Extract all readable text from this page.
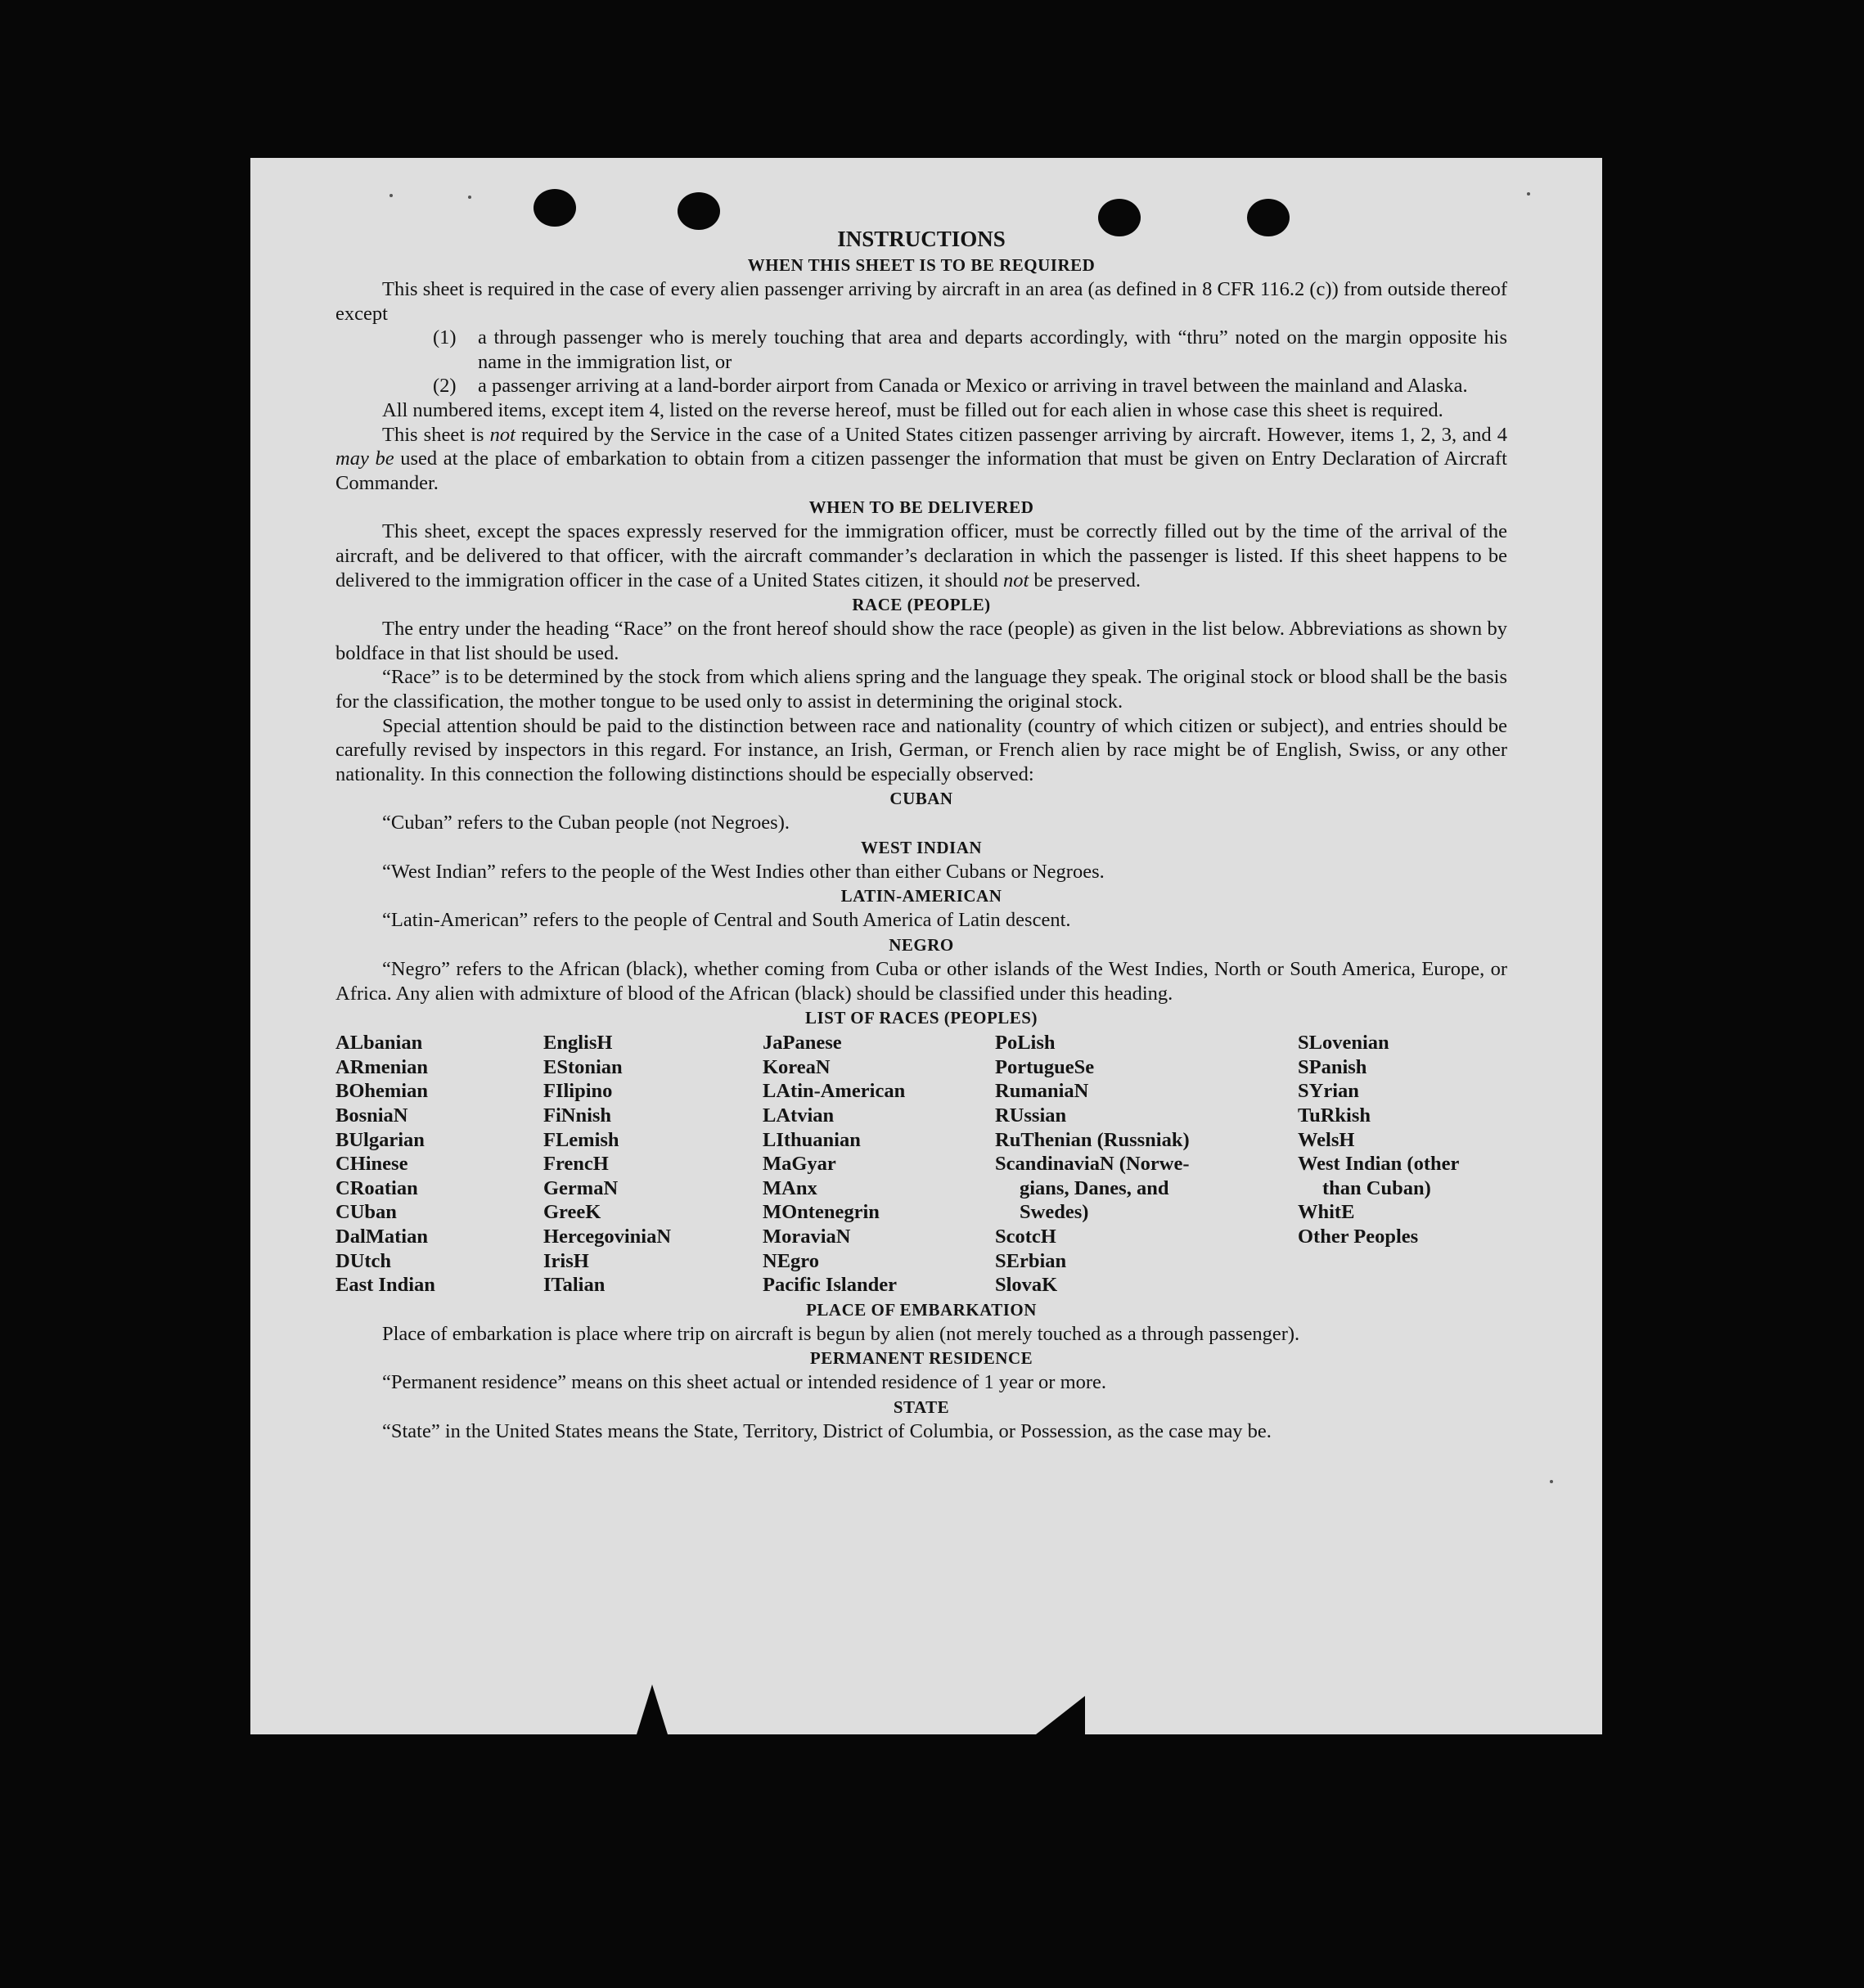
INSTRUCTIONS
WHEN THIS SHEET IS TO BE REQUIRED

This sheet is required in the case of every alien passenger arriving by aircraft in an area (as defined in 8 CFR 116.2 (c)) from outside thereof except

(1)	a through passenger who is merely touching that area and departs accordingly, with “thru” noted on the margin opposite his name in the immigration list, or
(2)	a passenger arriving at a land-border airport from Canada or Mexico or arriving in travel between the mainland and Alaska.

All numbered items, except item 4, listed on the reverse hereof, must be filled out for each alien in whose case this sheet is required.

This sheet is not required by the Service in the case of a United States citizen passenger arriving by aircraft. However, items 1, 2, 3, and 4 may be used at the place of embarkation to obtain from a citizen passenger the information that must be given on Entry Declaration of Aircraft Commander.

WHEN TO BE DELIVERED

This sheet, except the spaces expressly reserved for the immigration officer, must be correctly filled out by the time of the arrival of the aircraft, and be delivered to that officer, with the aircraft commander’s declaration in which the passenger is listed. If this sheet happens to be delivered to the immigration officer in the case of a United States citizen, it should not be preserved.

RACE (PEOPLE)

The entry under the heading “Race” on the front hereof should show the race (people) as given in the list below. Abbreviations as shown by boldface in that list should be used.

“Race” is to be determined by the stock from which aliens spring and the language they speak. The original stock or blood shall be the basis for the classification, the mother tongue to be used only to assist in determining the original stock.

Special attention should be paid to the distinction between race and nationality (country of which citizen or subject), and entries should be carefully revised by inspectors in this regard. For instance, an Irish, German, or French alien by race might be of English, Swiss, or any other nationality. In this connection the following distinctions should be especially observed:

CUBAN
“Cuban” refers to the Cuban people (not Negroes).
WEST INDIAN
“West Indian” refers to the people of the West Indies other than either Cubans or Negroes.
LATIN-AMERICAN
“Latin-American” refers to the people of Central and South America of Latin descent.
NEGRO

“Negro” refers to the African (black), whether coming from Cuba or other islands of the West Indies, North or South America, Europe, or Africa. Any alien with admixture of blood of the African (black) should be classified under this heading.

LIST OF RACES (PEOPLES)
ALbanian
ARmenian
BOhemian
BosniaN
BUlgarian
CHinese
CRoatian
CUban
DalMatian
DUtch
East Indian
EnglisH
EStonian
FIlipino
FiNnish
FLemish
FrencH
GermaN
GreeK
HercegoviniaN
IrisH
ITalian
JaPanese
KoreaN
LAtin-American
LAtvian
LIthuanian
MaGyar
MAnx
MOntenegrin
MoraviaN
NEgro
Pacific Islander
PoLish
PortugueSe
RumaniaN
RUssian
RuThenian (Russniak)
ScandinaviaN (Norwe-
gians, Danes, and
Swedes)
ScotcH
SErbian
SlovaK
SLovenian
SPanish
SYrian
TuRkish
WelsH
West Indian (other
than Cuban)
WhitE
Other Peoples
PLACE OF EMBARKATION

Place of embarkation is place where trip on aircraft is begun by alien (not merely touched as a through passenger).

PERMANENT RESIDENCE
“Permanent residence” means on this sheet actual or intended residence of 1 year or more.
STATE

“State” in the United States means the State, Territory, District of Columbia, or Possession, as the case may be.
